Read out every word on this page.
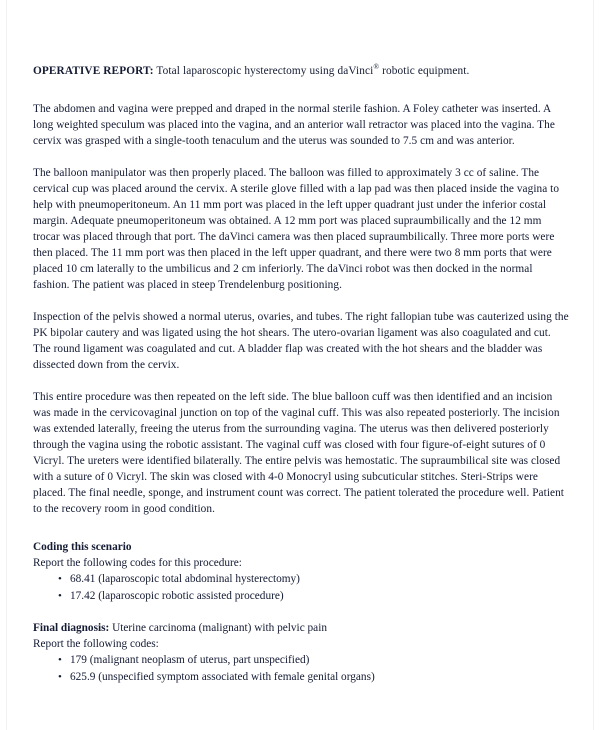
OPERATIVE REPORT: Total laparoscopic hysterectomy using daVinci® robotic equipment.

The abdomen and vagina were prepped and draped in the normal sterile fashion. A Foley catheter was inserted. A long weighted speculum was placed into the vagina, and an anterior wall retractor was placed into the vagina. The cervix was grasped with a single-tooth tenaculum and the uterus was sounded to 7.5 cm and was anterior.

The balloon manipulator was then properly placed. The balloon was filled to approximately 3 cc of saline. The cervical cup was placed around the cervix. A sterile glove filled with a lap pad was then placed inside the vagina to help with pneumoperitoneum. An 11 mm port was placed in the left upper quadrant just under the inferior costal margin. Adequate pneumoperitoneum was obtained. A 12 mm port was placed supraumbilically and the 12 mm trocar was placed through that port. The daVinci camera was then placed supraumbilically. Three more ports were then placed. The 11 mm port was then placed in the left upper quadrant, and there were two 8 mm ports that were placed 10 cm laterally to the umbilicus and 2 cm inferiorly. The daVinci robot was then docked in the normal fashion. The patient was placed in steep Trendelenburg positioning.

Inspection of the pelvis showed a normal uterus, ovaries, and tubes. The right fallopian tube was cauterized using the PK bipolar cautery and was ligated using the hot shears. The utero-ovarian ligament was also coagulated and cut. The round ligament was coagulated and cut. A bladder flap was created with the hot shears and the bladder was dissected down from the cervix.

This entire procedure was then repeated on the left side. The blue balloon cuff was then identified and an incision was made in the cervicovaginal junction on top of the vaginal cuff. This was also repeated posteriorly. The incision was extended laterally, freeing the uterus from the surrounding vagina. The uterus was then delivered posteriorly through the vagina using the robotic assistant. The vaginal cuff was closed with four figure-of-eight sutures of 0 Vicryl. The ureters were identified bilaterally. The entire pelvis was hemostatic. The supraumbilical site was closed with a suture of 0 Vicryl. The skin was closed with 4-0 Monocryl using subcuticular stitches. Steri-Strips were placed. The final needle, sponge, and instrument count was correct. The patient tolerated the procedure well. Patient to the recovery room in good condition.

Coding this scenario

Report the following codes for this procedure:

• 68.41 (laparoscopic total abdominal hysterectomy)
• 17.42 (laparoscopic robotic assisted procedure)

Final diagnosis: Uterine carcinoma (malignant) with pelvic pain

Report the following codes:

• 179 (malignant neoplasm of uterus, part unspecified)
• 625.9 (unspecified symptom associated with female genital organs)
